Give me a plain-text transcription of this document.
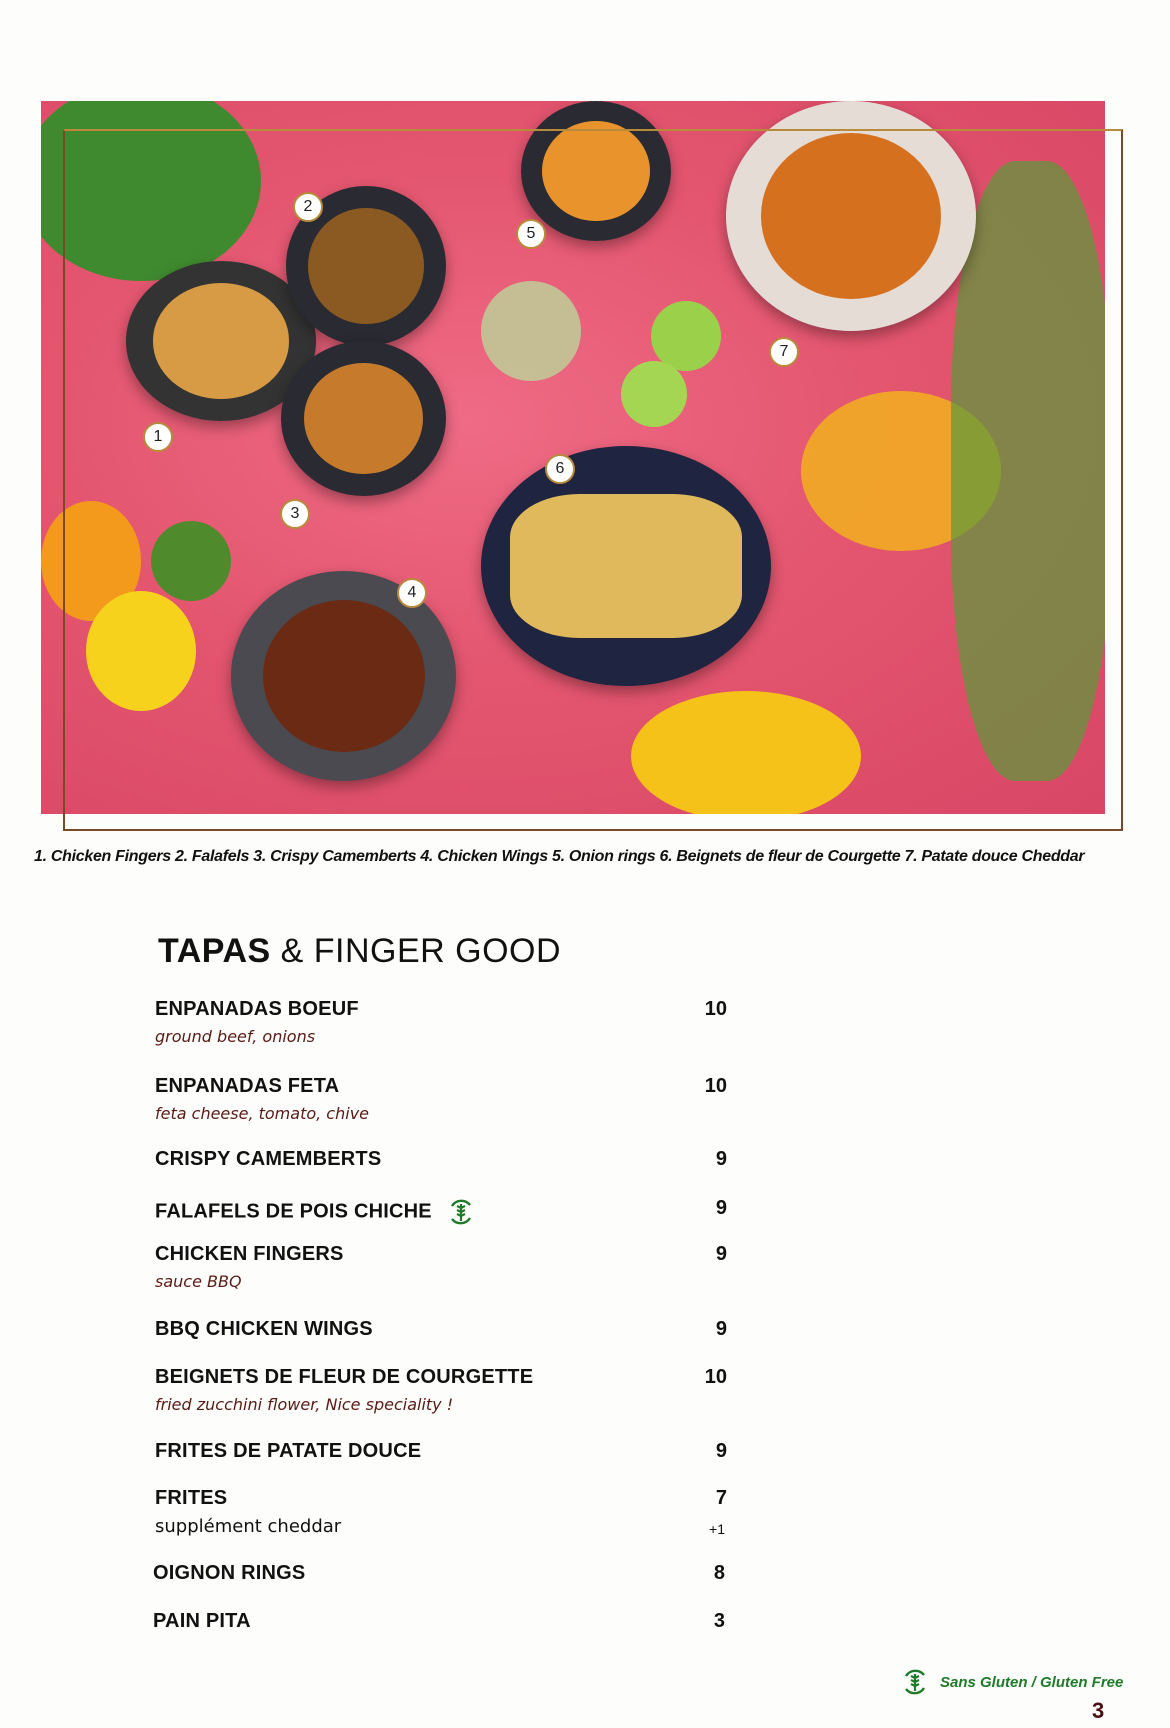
1
2
3
4
5
6
7
1. Chicken Fingers 2. Falafels 3. Crispy Camemberts 4. Chicken Wings 5. Onion rings 6. Beignets de fleur de Courgette 7. Patate douce Cheddar
TAPAS & FINGER GOOD
ENPANADAS BOEUF	10
ground beef, onions
ENPANADAS FETA	10
feta cheese, tomato, chive
CRISPY CAMEMBERTS	9
FALAFELS DE POIS CHICHE	9
CHICKEN FINGERS	9
sauce BBQ
BBQ CHICKEN WINGS	9
BEIGNETS DE FLEUR DE COURGETTE	10
fried zucchini flower, Nice speciality !
FRITES DE PATATE DOUCE	9
FRITES	7
supplément cheddar	+1
OIGNON RINGS	8
PAIN PITA	3
Sans Gluten / Gluten Free
3
